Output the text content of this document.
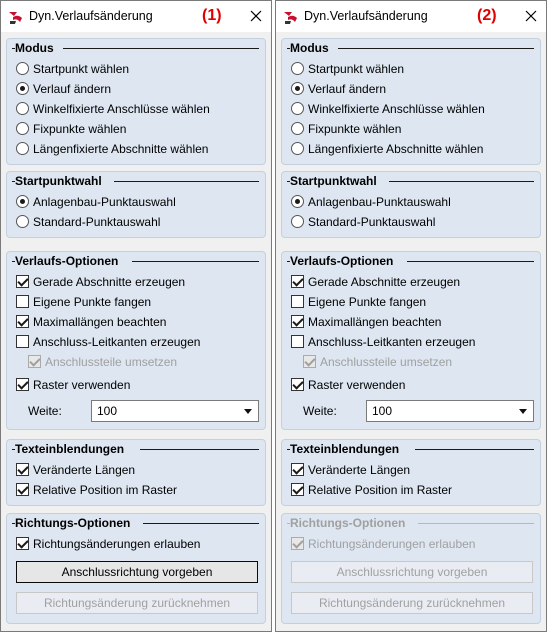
Dyn.Verlaufsänderung	(1)
Modus
Startpunkt wählen
Verlauf ändern
Winkelfixierte Anschlüsse wählen
Fixpunkte wählen
Längenfixierte Abschnitte wählen
Startpunktwahl
Anlagenbau-Punktauswahl
Standard-Punktauswahl
Verlaufs-Optionen
Gerade Abschnitte erzeugen
Eigene Punkte fangen
Maximallängen beachten
Anschluss-Leitkanten erzeugen
Anschlussteile umsetzen
Raster verwenden
Weite:	100
Texteinblendungen
Veränderte Längen
Relative Position im Raster
Richtungs-Optionen
Richtungsänderungen erlauben
Anschlussrichtung vorgeben
Richtungsänderung zurücknehmen
Dyn.Verlaufsänderung	(2)
Modus
Startpunkt wählen
Verlauf ändern
Winkelfixierte Anschlüsse wählen
Fixpunkte wählen
Längenfixierte Abschnitte wählen
Startpunktwahl
Anlagenbau-Punktauswahl
Standard-Punktauswahl
Verlaufs-Optionen
Gerade Abschnitte erzeugen
Eigene Punkte fangen
Maximallängen beachten
Anschluss-Leitkanten erzeugen
Anschlussteile umsetzen
Raster verwenden
Weite:	100
Texteinblendungen
Veränderte Längen
Relative Position im Raster
Richtungs-Optionen
Richtungsänderungen erlauben
Anschlussrichtung vorgeben
Richtungsänderung zurücknehmen
